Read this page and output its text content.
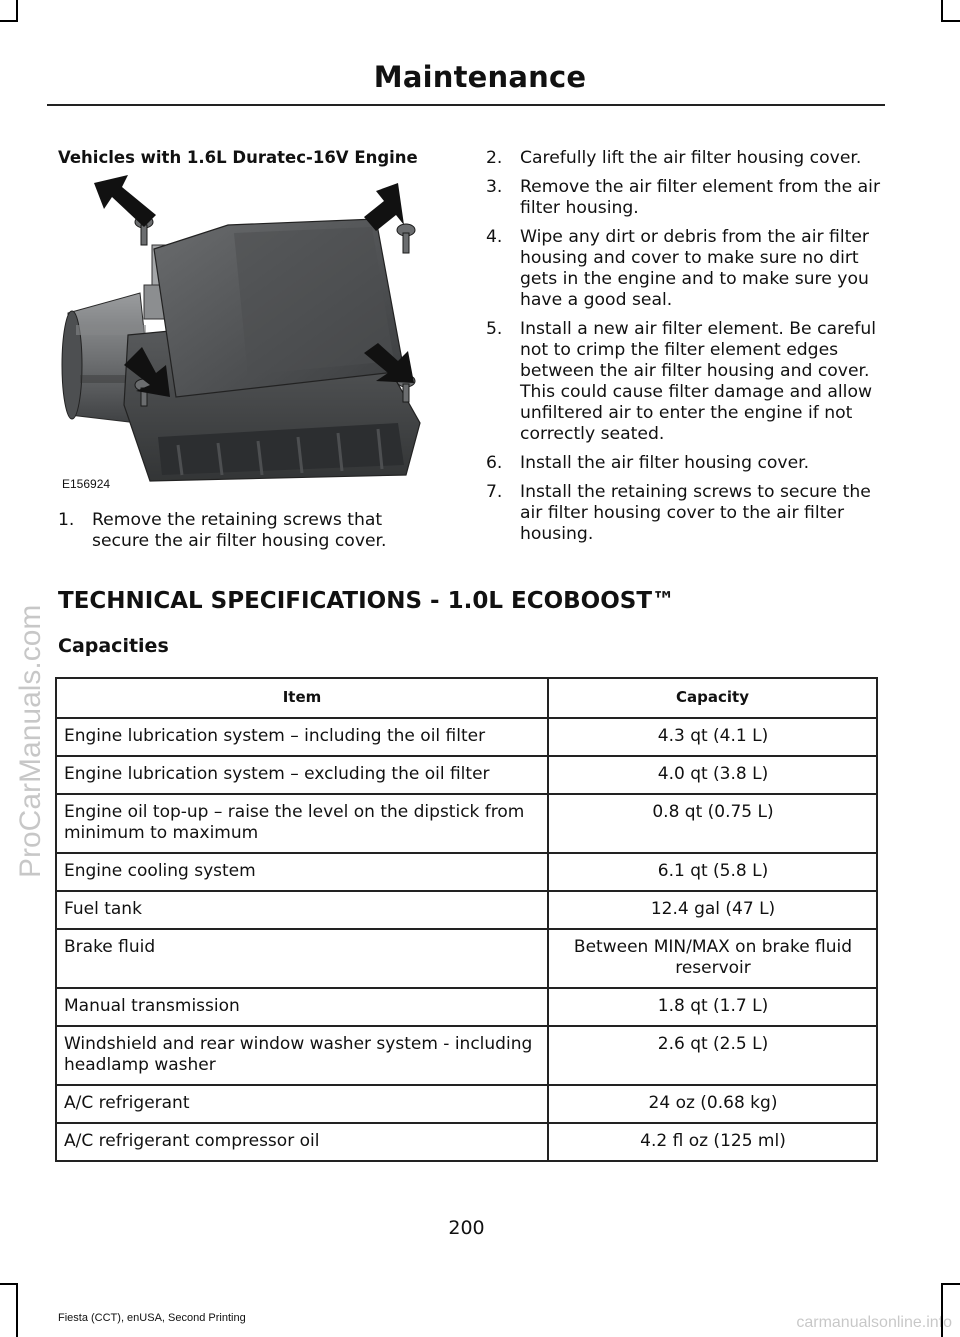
Maintenance
Vehicles with 1.6L Duratec-16V Engine
E156924
1.	Remove the retaining screws that secure the air filter housing cover.
2.	Carefully lift the air filter housing cover.
3.	Remove the air filter element from the air filter housing.
4.	Wipe any dirt or debris from the air filter housing and cover to make sure no dirt gets in the engine and to make sure you have a good seal.
5.	Install a new air filter element. Be careful not to crimp the filter element edges between the air filter housing and cover. This could cause filter damage and allow unfiltered air to enter the engine if not correctly seated.
6.	Install the air filter housing cover.
7.	Install the retaining screws to secure the air filter housing cover to the air filter housing.
TECHNICAL SPECIFICATIONS - 1.0L ECOBOOST™
Capacities
Item	Capacity
Engine lubrication system – including the oil filter	4.3 qt (4.1 L)
Engine lubrication system – excluding the oil filter	4.0 qt (3.8 L)
Engine oil top-up – raise the level on the dipstick from minimum to maximum	0.8 qt (0.75 L)
Engine cooling system	6.1 qt (5.8 L)
Fuel tank	12.4 gal (47 L)
Brake fluid	Between MIN/MAX on brake fluid reservoir
Manual transmission	1.8 qt (1.7 L)
Windshield and rear window washer system - including headlamp washer	2.6 qt (2.5 L)
A/C refrigerant	24 oz (0.68 kg)
A/C refrigerant compressor oil	4.2 fl oz (125 ml)
200
Fiesta (CCT), enUSA, Second Printing
ProCarManuals.com
carmanualsonline.info
